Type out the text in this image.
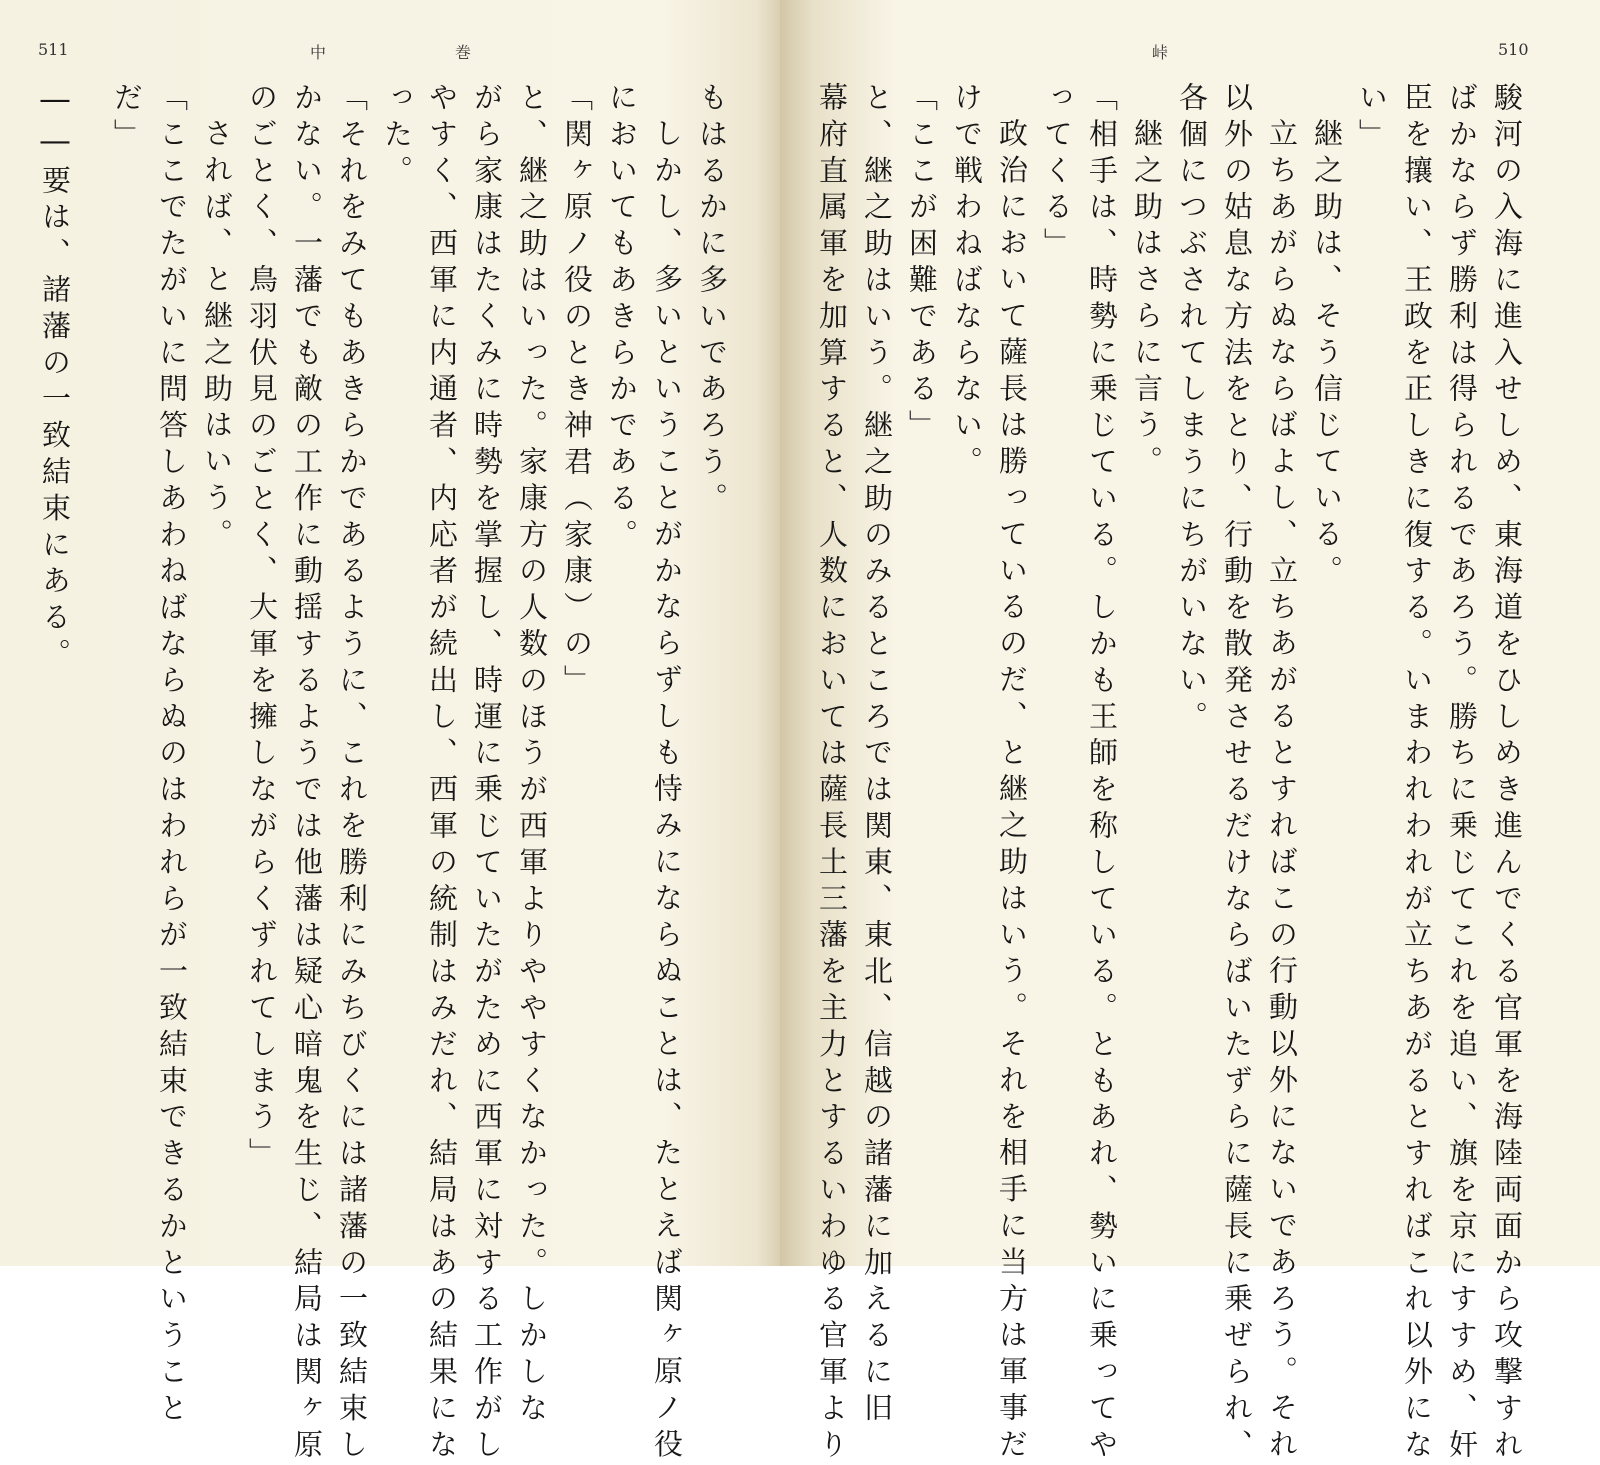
511	中	巻
もはるかに多いであろう。
しかし、多いということがかならずしも恃みにならぬことは、たとえば関ヶ原ノ役
においてもあきらかである。
「関ヶ原ノ役のとき神君（家康）の」
と、継之助はいった。家康方の人数のほうが西軍よりややすくなかった。しかしな
がら家康はたくみに時勢を掌握し、時運に乗じていたがために西軍に対する工作がし
やすく、西軍に内通者、内応者が続出し、西軍の統制はみだれ、結局はあの結果にな
った。
「それをみてもあきらかであるように、これを勝利にみちびくには諸藩の一致結束し
かない。一藩でも敵の工作に動揺するようでは他藩は疑心暗鬼を生じ、結局は関ヶ原
のごとく、鳥羽伏見のごとく、大軍を擁しながらくずれてしまう」
されば、と継之助はいう。
「ここでたがいに問答しあわねばならぬのはわれらが一致結束できるかということ
だ」
――要は、諸藩の一致結束にある。
峠	510
駿河の入海に進入せしめ、東海道をひしめき進んでくる官軍を海陸両面から攻撃すれ
ばかならず勝利は得られるであろう。勝ちに乗じてこれを追い、旗を京にすすめ、奸
臣を攘い、王政を正しきに復する。いまわれわれが立ちあがるとすればこれ以外にな
い」
継之助は、そう信じている。
立ちあがらぬならばよし、立ちあがるとすればこの行動以外にないであろう。それ
以外の姑息な方法をとり、行動を散発させるだけならばいたずらに薩長に乗ぜられ、
各個につぶされてしまうにちがいない。
継之助はさらに言う。
「相手は、時勢に乗じている。しかも王師を称している。ともあれ、勢いに乗ってや
ってくる」
政治において薩長は勝っているのだ、と継之助はいう。それを相手に当方は軍事だ
けで戦わねばならない。
「ここが困難である」
と、継之助はいう。継之助のみるところでは関東、東北、信越の諸藩に加えるに旧
幕府直属軍を加算すると、人数においては薩長土三藩を主力とするいわゆる官軍より
